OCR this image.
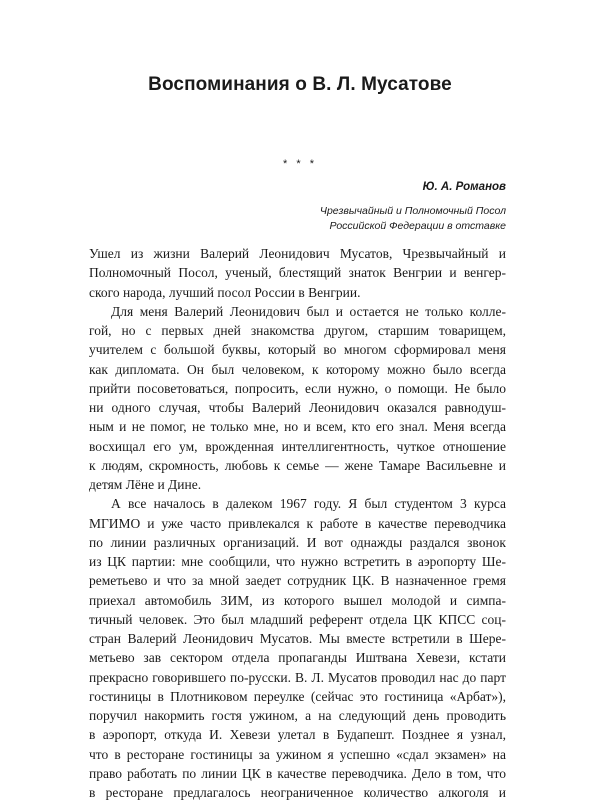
Воспоминания о В. Л. Мусатове
* * *
Ю. А. Романов
Чрезвычайный и Полномочный Посол
Российской Федерации в отставке
Ушел из жизни Валерий Леонидович Мусатов, Чрезвычайный и
Полномочный Посол, ученый, блестящий знаток Венгрии и венгер-
ского народа, лучший посол России в Венгрии.
Для меня Валерий Леонидович был и остается не только колле-
гой, но с первых дней знакомства другом, старшим товарищем,
учителем с большой буквы, который во многом сформировал меня
как дипломата. Он был человеком, к которому можно было всегда
прийти посоветоваться, попросить, если нужно, о помощи. Не было
ни одного случая, чтобы Валерий Леонидович оказался равнодуш-
ным и не помог, не только мне, но и всем, кто его знал. Меня всегда
восхищал его ум, врожденная интеллигентность, чуткое отношение
к людям, скромность, любовь к семье — жене Тамаре Васильевне и
детям Лёне и Дине.
А все началось в далеком 1967 году. Я был студентом 3 курса
МГИМО и уже часто привлекался к работе в качестве переводчика
по линии различных организаций. И вот однажды раздался звонок
из ЦК партии: мне сообщили, что нужно встретить в аэропорту Ше-
реметьево и что за мной заедет сотрудник ЦК. В назначенное гремя
приехал автомобиль ЗИМ, из которого вышел молодой и симпа-
тичный человек. Это был младший референт отдела ЦК КПСС соц-
стран Валерий Леонидович Мусатов. Мы вместе встретили в Шере-
метьево зав сектором отдела пропаганды Иштвана Хевези, кстати
прекрасно говорившего по-русски. В. Л. Мусатов проводил нас до парт
гостиницы в Плотниковом переулке (сейчас это гостиница «Арбат»),
поручил накормить гостя ужином, а на следующий день проводить
в аэропорт, откуда И. Хевези улетал в Будапешт. Позднее я узнал,
что в ресторане гостиницы за ужином я успешно «сдал экзамен» на
право работать по линии ЦК в качестве переводчика. Дело в том, что
в ресторане предлагалось неограниченное количество алкоголя и
